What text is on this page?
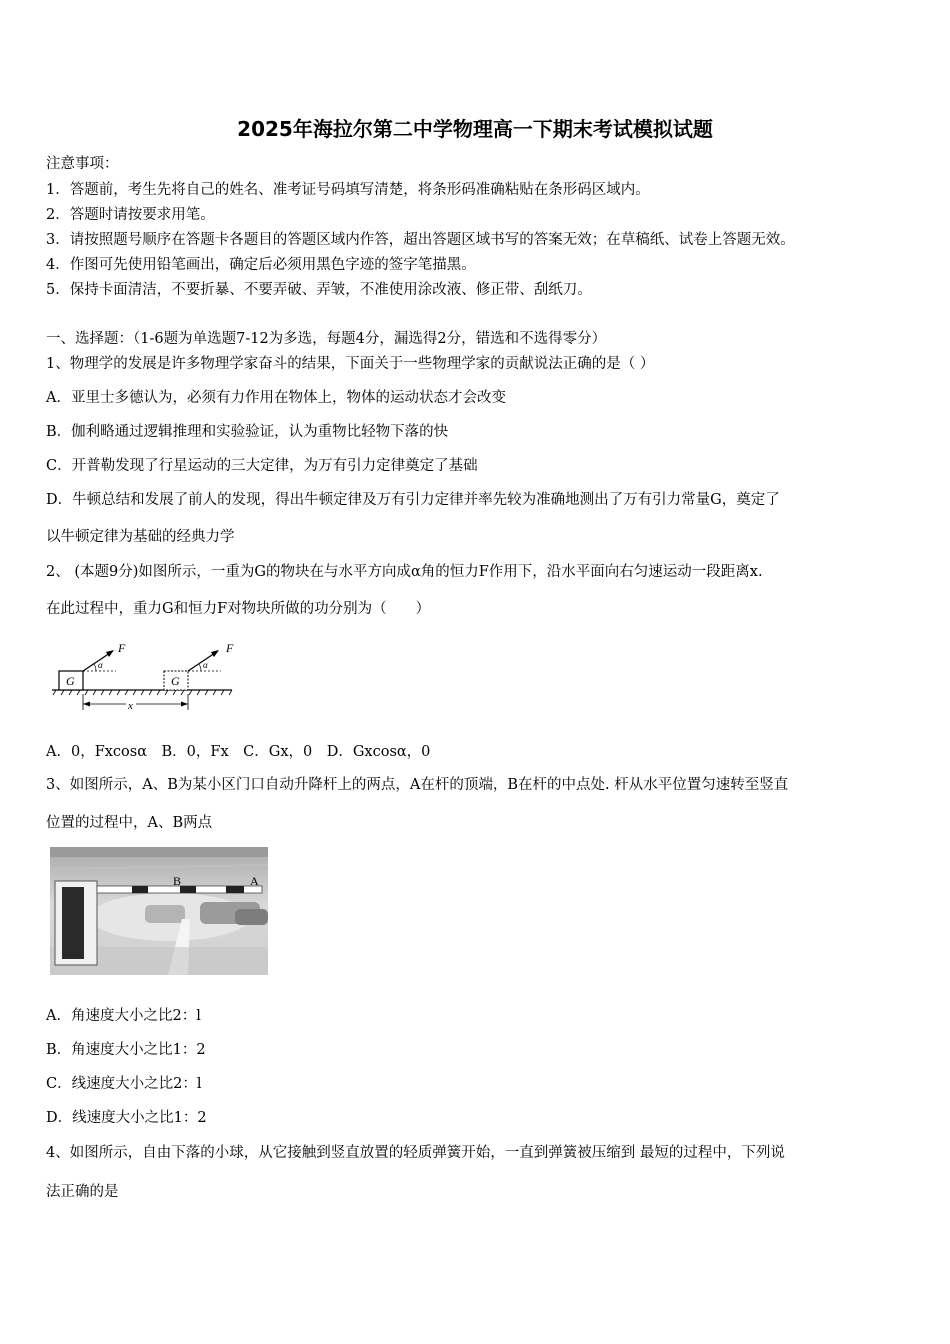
2025年海拉尔第二中学物理高一下期末考试模拟试题
注意事项：
1．答题前，考生先将自己的姓名、准考证号码填写清楚，将条形码准确粘贴在条形码区域内。
2．答题时请按要求用笔。
3．请按照题号顺序在答题卡各题目的答题区域内作答，超出答题区域书写的答案无效；在草稿纸、试卷上答题无效。
4．作图可先使用铅笔画出，确定后必须用黑色字迹的签字笔描黑。
5．保持卡面清洁，不要折暴、不要弄破、弄皱，不准使用涂改液、修正带、刮纸刀。
一、选择题：（1-6题为单选题7-12为多选，每题4分，漏选得2分，错选和不选得零分）
1、物理学的发展是许多物理学家奋斗的结果，下面关于一些物理学家的贡献说法正确的是（ ）
A．亚里士多德认为，必须有力作用在物体上，物体的运动状态才会改变
B．伽利略通过逻辑推理和实验验证，认为重物比轻物下落的快
C．开普勒发现了行星运动的三大定律，为万有引力定律奠定了基础
D．牛顿总结和发展了前人的发现，得出牛顿定律及万有引力定律并率先较为准确地测出了万有引力常量G，奠定了
以牛顿定律为基础的经典力学
2、 (本题9分)如图所示，一重为G的物块在与水平方向成α角的恒力F作用下，沿水平面向右匀速运动一段距离x.
在此过程中，重力G和恒力F对物块所做的功分别为（　　）
G
α
F
G
α
F
x
A．0，Fxcosα　B．0，Fx　C．Gx，0　D．Gxcosα，0
3、如图所示，A、B为某小区门口自动升降杆上的两点，A在杆的顶端，B在杆的中点处. 杆从水平位置匀速转至竖直
位置的过程中，A、B两点
B	A
A．角速度大小之比2：l
B．角速度大小之比1：2
C．线速度大小之比2：l
D．线速度大小之比1：2
4、如图所示，自由下落的小球，从它接触到竖直放置的轻质弹簧开始，一直到弹簧被压缩到 最短的过程中，下列说
法正确的是
